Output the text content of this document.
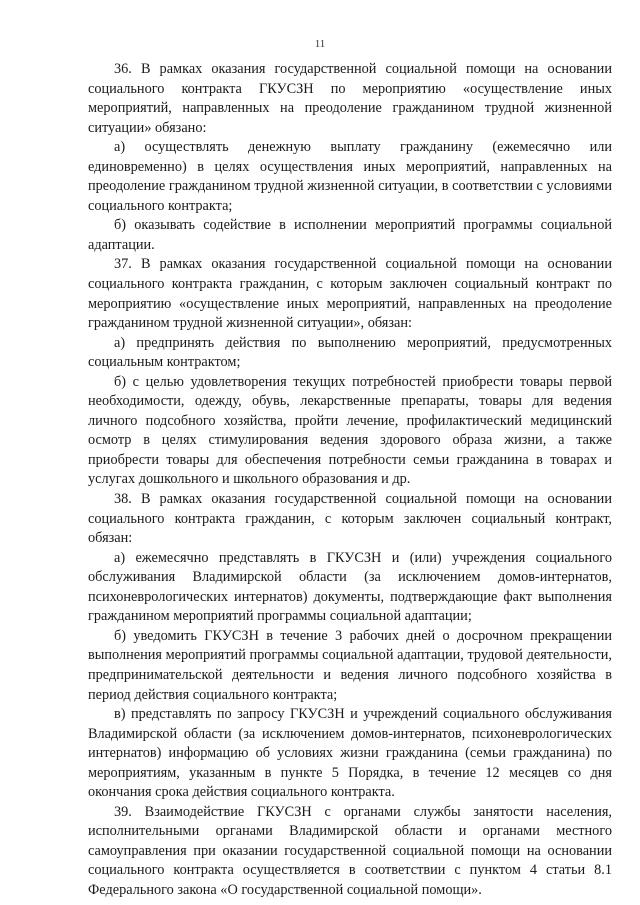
11

36. В рамках оказания государственной социальной помощи на основании социального контракта ГКУСЗН по мероприятию «осуществление иных мероприятий, направленных на преодоление гражданином трудной жизненной ситуации» обязано:

а) осуществлять денежную выплату гражданину (ежемесячно или единовременно) в целях осуществления иных мероприятий, направленных на преодоление гражданином трудной жизненной ситуации, в соответствии с условиями социального контракта;

б) оказывать содействие в исполнении мероприятий программы социальной адаптации.

37. В рамках оказания государственной социальной помощи на основании социального контракта гражданин, с которым заключен социальный контракт по мероприятию «осуществление иных мероприятий, направленных на преодоление гражданином трудной жизненной ситуации», обязан:

а) предпринять действия по выполнению мероприятий, предусмотренных социальным контрактом;

б) с целью удовлетворения текущих потребностей приобрести товары первой необходимости, одежду, обувь, лекарственные препараты, товары для ведения личного подсобного хозяйства, пройти лечение, профилактический медицинский осмотр в целях стимулирования ведения здорового образа жизни, а также приобрести товары для обеспечения потребности семьи гражданина в товарах и услугах дошкольного и школьного образования и др.

38. В рамках оказания государственной социальной помощи на основании социального контракта гражданин, с которым заключен социальный контракт, обязан:

а) ежемесячно представлять в ГКУСЗН и (или) учреждения социального обслуживания Владимирской области (за исключением домов-интернатов, психоневрологических интернатов) документы, подтверждающие факт выполнения гражданином мероприятий программы социальной адаптации;

б) уведомить ГКУСЗН в течение 3 рабочих дней о досрочном прекращении выполнения мероприятий программы социальной адаптации, трудовой деятельности, предпринимательской деятельности и ведения личного подсобного хозяйства в период действия социального контракта;

в) представлять по запросу ГКУСЗН и учреждений социального обслуживания Владимирской области (за исключением домов-интернатов, психоневрологических интернатов) информацию об условиях жизни гражданина (семьи гражданина) по мероприятиям, указанным в пункте 5 Порядка, в течение 12 месяцев со дня окончания срока действия социального контракта.

39. Взаимодействие ГКУСЗН с органами службы занятости населения, исполнительными органами Владимирской области и органами местного самоуправления при оказании государственной социальной помощи на основании социального контракта осуществляется в соответствии с пунктом 4 статьи 8.1 Федерального закона «О государственной социальной помощи».
